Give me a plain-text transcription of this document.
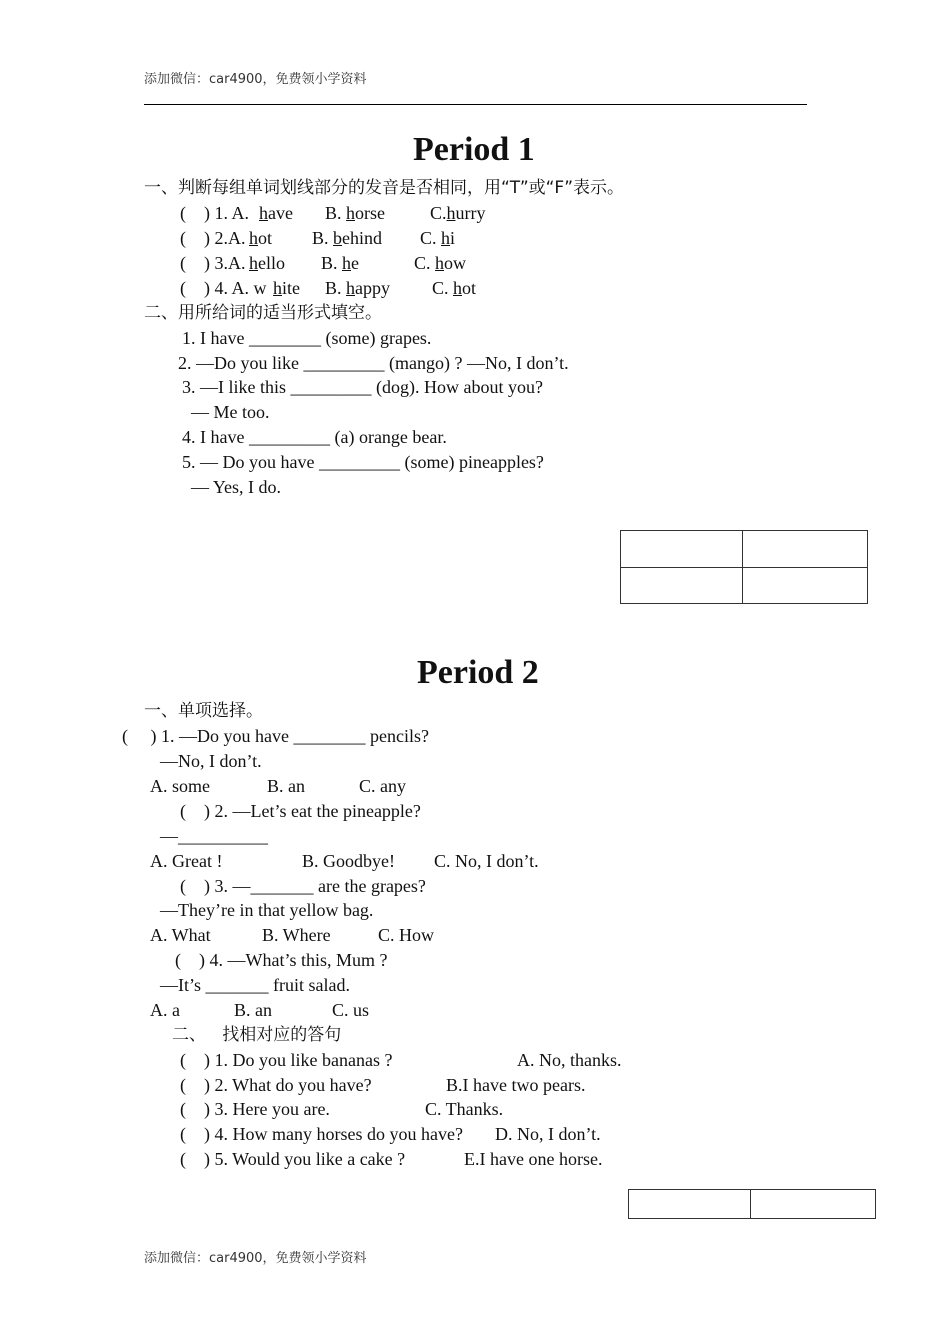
添加微信：car4900，免费领小学资料
Period 1
一、判断每组单词划线部分的发音是否相同，用“T”或“F”表示。
(    ) 1. A. have B. horse C.hurry
(    ) 2.A. hot B. behind C. hi
(    ) 3.A. hello B. he	C. how
(    ) 4. A. w hite B. happy C. hot
二、用所给词的适当形式填空。
1. I have ________ (some) grapes.
2. —Do you like _________ (mango) ? —No, I don’t.
3. —I like this _________ (dog). How about you?
— Me too.
4. I have _________ (a) orange bear.
5. — Do you have _________ (some) pineapples?
— Yes, I do.

Period 2
一、单项选择。
(     ) 1. —Do you have ________ pencils?
—No, I don’t.
A. some	B. an	C. any
(    ) 2. —Let’s eat the pineapple?
—__________
A. Great !	B. Goodbye! C. No, I don’t.
(    ) 3. —_______ are the grapes?
—They’re in that yellow bag.
A. What	B. Where	C. How
(    ) 4. —What’s this, Mum ?
—It’s _______ fruit salad.
A. a	B. an	C. us
二、   找相对应的答句
(    ) 1. Do you like bananas ?	A. No, thanks.
(    ) 2. What do you have?	B.I have two pears.
(    ) 3. Here you are.	C. Thanks.
(    ) 4. How many horses do you have? D. No, I don’t.
(    ) 5. Would you like a cake ?	E.I have one horse.

添加微信：car4900，免费领小学资料
